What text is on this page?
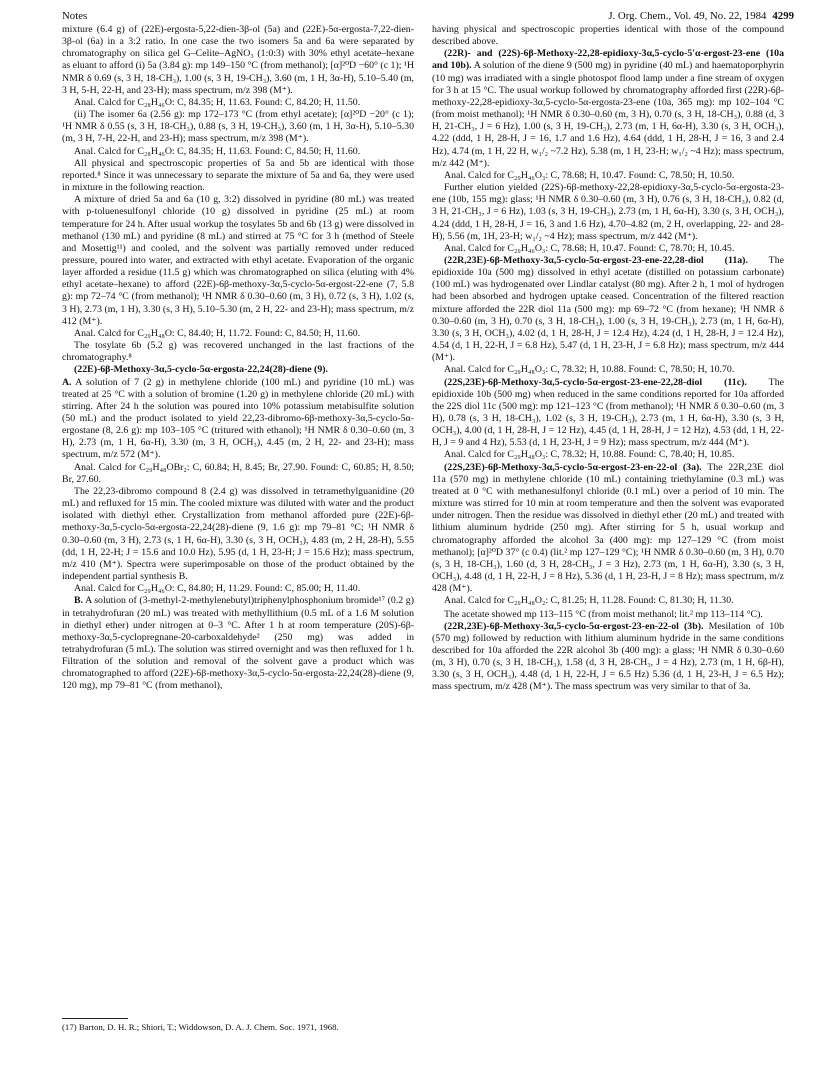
Notes	J. Org. Chem., Vol. 49, No. 22, 1984 4299

mixture (6.4 g) of (22E)-ergosta-5,22-dien-3β-ol (5a) and (22E)-5α-ergosta-7,22-dien-3β-ol (6a) in a 3:2 ratio. In one case the two isomers 5a and 6a were separated by chromatography on silica gel G–Celite–AgNO₃ (1:0:3) with 30% ethyl acetate–hexane as eluant to afford (i) 5a (3.84 g): mp 149–150 °C (from methanol); [α]²⁰D −60° (c 1); ¹H NMR δ 0.69 (s, 3 H, 18-CH₃), 1.00 (s, 3 H, 19-CH₃), 3.60 (m, 1 H, 3α-H), 5.10–5.40 (m, 3 H, 5-H, 22-H, and 23-H); mass spectrum, m/z 398 (M⁺).

Anal. Calcd for C₂₈H₄₆O: C, 84.35; H, 11.63. Found: C, 84.20; H, 11.50.

(ii) The isomer 6a (2.56 g): mp 172–173 °C (from ethyl acetate); [α]²⁰D −20° (c 1); ¹H NMR δ 0.55 (s, 3 H, 18-CH₃), 0.88 (s, 3 H, 19-CH₃), 3.60 (m, 1 H, 3α-H), 5.10–5.30 (m, 3 H, 7-H, 22-H, and 23-H); mass spectrum, m/z 398 (M⁺).

Anal. Calcd for C₂₈H₄₆O: C, 84.35; H, 11.63. Found: C, 84.50; H, 11.60.

All physical and spectroscopic properties of 5a and 5b are identical with those reported.⁸ Since it was unnecessary to separate the mixture of 5a and 6a, they were used in mixture in the following reaction.

A mixture of dried 5a and 6a (10 g, 3:2) dissolved in pyridine (80 mL) was treated with p-toluenesulfonyl chloride (10 g) dissolved in pyridine (25 mL) at room temperature for 24 h. After usual workup the tosylates 5b and 6b (13 g) were dissolved in methanol (130 mL) and pyridine (8 mL) and stirred at 75 °C for 3 h (method of Steele and Mosettig¹¹) and cooled, and the solvent was partially removed under reduced pressure, poured into water, and extracted with ethyl acetate. Evaporation of the organic layer afforded a residue (11.5 g) which was chromatographed on silica (eluting with 4% ethyl acetate–hexane) to afford (22E)-6β-methoxy-3α,5-cyclo-5α-ergost-22-ene (7, 5.8 g): mp 72–74 °C (from methanol); ¹H NMR δ 0.30–0.60 (m, 3 H), 0.72 (s, 3 H), 1.02 (s, 3 H), 2.73 (m, 1 H), 3.30 (s, 3 H), 5.10–5.30 (m, 2 H, 22- and 23-H); mass spectrum, m/z 412 (M⁺).

Anal. Calcd for C₂₉H₄₈O: C, 84.40; H, 11.72. Found: C, 84.50; H, 11.60.

The tosylate 6b (5.2 g) was recovered unchanged in the last fractions of the chromatography.⁸

(22E)-6β-Methoxy-3α,5-cyclo-5α-ergosta-22,24(28)-diene (9).
A. A solution of 7 (2 g) in methylene chloride (100 mL) and pyridine (10 mL) was treated at 25 °C with a solution of bromine (1.20 g) in methylene chloride (20 mL) with stirring. After 24 h the solution was poured into 10% potassium metabisulfite solution (50 mL) and the product isolated to yield 22,23-dibromo-6β-methoxy-3α,5-cyclo-5α-ergostane (8, 2.6 g): mp 103–105 °C (tritured with ethanol); ¹H NMR δ 0.30–0.60 (m, 3 H), 2.73 (m, 1 H, 6α-H), 3.30 (m, 3 H, OCH₃), 4.45 (m, 2 H, 22- and 23-H); mass spectrum, m/z 572 (M⁺).

Anal. Calcd for C₂₉H₄₈OBr₂: C, 60.84; H, 8.45; Br, 27.90. Found: C, 60.85; H, 8.50; Br, 27.60.

The 22,23-dibromo compound 8 (2.4 g) was dissolved in tetramethylguanidine (20 mL) and refluxed for 15 min. The cooled mixture was diluted with water and the product isolated with diethyl ether. Crystallization from methanol afforded pure (22E)-6β-methoxy-3α,5-cyclo-5α-ergosta-22,24(28)-diene (9, 1.6 g): mp 79–81 °C; ¹H NMR δ 0.30–0.60 (m, 3 H), 2.73 (s, 1 H, 6α-H), 3.30 (s, 3 H, OCH₃), 4.83 (m, 2 H, 28-H), 5.55 (dd, 1 H, 22-H; J = 15.6 and 10.0 Hz), 5.95 (d, 1 H, 23-H; J = 15.6 Hz); mass spectrum, m/z 410 (M⁺). Spectra were superimposable on those of the product obtained by the independent partial synthesis B.

Anal. Calcd for C₂₉H₄₆O: C, 84.80; H, 11.29. Found: C, 85.00; H, 11.40.

B. A solution of (3-methyl-2-methylenebutyl)triphenylphosphonium bromide¹⁷ (0.2 g) in tetrahydrofuran (20 mL) was treated with methyllithium (0.5 mL of a 1.6 M solution in diethyl ether) under nitrogen at 0–3 °C. After 1 h at room temperature (20S)-6β-methoxy-3α,5-cyclopregnane-20-carboxaldehyde² (250 mg) was added in tetrahydrofuran (5 mL). The solution was stirred overnight and was then refluxed for 1 h. Filtration of the solution and removal of the solvent gave a product which was chromatographed to afford (22E)-6β-methoxy-3α,5-cyclo-5α-ergosta-22,24(28)-diene (9, 120 mg), mp 79–81 °C (from methanol),

having physical and spectroscopic properties identical with those of the compound described above.

(22R)- and (22S)-6β-Methoxy-22,28-epidioxy-3α,5-cyclo-5′α-ergost-23-ene (10a and 10b). A solution of the diene 9 (500 mg) in pyridine (40 mL) and haematoporphyrin (10 mg) was irradiated with a single photospot flood lamp under a fine stream of oxygen for 3 h at 15 °C. The usual workup followed by chromatography afforded first (22R)-6β-methoxy-22,28-epidioxy-3α,5-cyclo-5α-ergosta-23-ene (10a, 365 mg): mp 102–104 °C (from moist methanol); ¹H NMR δ 0.30–0.60 (m, 3 H), 0.70 (s, 3 H, 18-CH₃), 0.88 (d, 3 H, 21-CH₃, J = 6 Hz), 1.00 (s, 3 H, 19-CH₃), 2.73 (m, 1 H, 6α-H), 3.30 (s, 3 H, OCH₃), 4.22 (ddd, 1 H, 28-H, J = 16, 1.7 and 1.6 Hz), 4.64 (ddd, 1 H, 28-H, J = 16, 3 and 2.4 Hz), 4.74 (m, 1 H, 22 H, w₁/₂ ~7.2 Hz), 5.38 (m, 1 H, 23-H; w₁/₂ ~4 Hz); mass spectrum, m/z 442 (M⁺).

Anal. Calcd for C₂₉H₄₆O₃: C, 78.68; H, 10.47. Found: C, 78.50; H, 10.50.

Further elution yielded (22S)-6β-methoxy-22,28-epidioxy-3α,5-cyclo-5α-ergosta-23-ene (10b, 155 mg): glass; ¹H NMR δ 0.30–0.60 (m, 3 H), 0.76 (s, 3 H, 18-CH₃), 0.82 (d, 3 H, 21-CH₃, J = 6 Hz), 1.03 (s, 3 H, 19-CH₃), 2.73 (m, 1 H, 6α-H), 3.30 (s, 3 H, OCH₃), 4.24 (ddd, 1 H, 28-H, J = 16, 3 and 1.6 Hz), 4.70–4.82 (m, 2 H, overlapping, 22- and 28-H), 5.56 (m, 1H, 23-H; w₁/₂ ~4 Hz); mass spectrum, m/z 442 (M⁺).

Anal. Calcd for C₂₉H₄₆O₃: C, 78.68; H, 10.47. Found: C, 78.70; H, 10.45.

(22R,23E)-6β-Methoxy-3α,5-cyclo-5α-ergost-23-ene-22,28-diol (11a). The epidioxide 10a (500 mg) dissolved in ethyl acetate (distilled on potassium carbonate) (100 mL) was hydrogenated over Lindlar catalyst (80 mg). After 2 h, 1 mol of hydrogen had been absorbed and hydrogen uptake ceased. Concentration of the filtered reaction mixture afforded the 22R diol 11a (500 mg): mp 69–72 °C (from hexane); ¹H NMR δ 0.30–0.60 (m, 3 H), 0.70 (s, 3 H, 18-CH₃), 1.00 (s, 3 H, 19-CH₃), 2.73 (m, 1 H, 6α-H), 3.30 (s, 3 H, OCH₃), 4.02 (d, 1 H, 28-H, J = 12.4 Hz), 4.24 (d, 1 H, 28-H, J = 12.4 Hz), 4.54 (d, 1 H, 22-H, J = 6.8 Hz), 5.47 (d, 1 H, 23-H, J = 6.8 Hz); mass spectrum, m/z 444 (M⁺).

Anal. Calcd for C₂₉H₄₈O₃: C, 78.32; H, 10.88. Found: C, 78.50; H, 10.70.

(22S,23E)-6β-Methoxy-3α,5-cyclo-5α-ergost-23-ene-22,28-diol (11c). The epidioxide 10b (500 mg) when reduced in the same conditions reported for 10a afforded the 22S diol 11c (500 mg): mp 121–123 °C (from methanol); ¹H NMR δ 0.30–0.60 (m, 3 H), 0.78 (s, 3 H, 18-CH₃), 1.02 (s, 3 H, 19-CH₃), 2.73 (m, 1 H, 6α-H), 3.30 (s, 3 H, OCH₃), 4.00 (d, 1 H, 28-H, J = 12 Hz), 4.45 (d, 1 H, 28-H, J = 12 Hz), 4.53 (dd, 1 H, 22-H, J = 9 and 4 Hz), 5.53 (d, 1 H, 23-H, J = 9 Hz); mass spectrum, m/z 444 (M⁺).

Anal. Calcd for C₂₉H₄₈O₃: C, 78.32; H, 10.88. Found: C, 78.40; H, 10.85.

(22S,23E)-6β-Methoxy-3α,5-cyclo-5α-ergost-23-en-22-ol (3a). The 22R,23E diol 11a (570 mg) in methylene chloride (10 mL) containing triethylamine (0.3 mL) was treated at 0 °C with methanesulfonyl chloride (0.1 mL) over a period of 10 min. The mixture was stirred for 10 min at room temperature and then the solvent was evaporated under nitrogen. Then the residue was dissolved in diethyl ether (20 mL) and treated with lithium aluminum hydride (250 mg). After stirring for 5 h, usual workup and chromatography afforded the alcohol 3a (400 mg): mp 127–129 °C (from moist methanol); [α]²⁰D 37° (c 0.4) (lit.² mp 127–129 °C); ¹H NMR δ 0.30–0.60 (m, 3 H), 0.70 (s, 3 H, 18-CH₃), 1.60 (d, 3 H, 28-CH₃, J = 3 Hz), 2.73 (m, 1 H, 6α-H), 3.30 (s, 3 H, OCH₃), 4.48 (d, 1 H, 22-H, J = 8 Hz), 5.36 (d, 1 H, 23-H, J = 8 Hz); mass spectrum, m/z 428 (M⁺).

Anal. Calcd for C₂₉H₄₈O₂: C, 81.25; H, 11.28. Found: C, 81.30; H, 11.30.

The acetate showed mp 113–115 °C (from moist methanol; lit.² mp 113–114 °C).

(22R,23E)-6β-Methoxy-3α,5-cyclo-5α-ergost-23-en-22-ol (3b). Mesilation of 10b (570 mg) followed by reduction with lithium aluminum hydride in the same conditions described for 10a afforded the 22R alcohol 3b (400 mg): a glass; ¹H NMR δ 0.30–0.60 (m, 3 H), 0.70 (s, 3 H, 18-CH₃), 1.58 (d, 3 H, 28-CH₃, J = 4 Hz), 2.73 (m, 1 H, 6β-H), 3.30 (s, 3 H, OCH₃), 4.48 (d, 1 H, 22-H, J = 6.5 Hz) 5.36 (d, 1 H, 23-H, J = 6.5 Hz); mass spectrum, m/z 428 (M⁺). The mass spectrum was very similar to that of 3a.

(17) Barton, D. H. R.; Shiori, T.; Widdowson, D. A. J. Chem. Soc. 1971, 1968.
